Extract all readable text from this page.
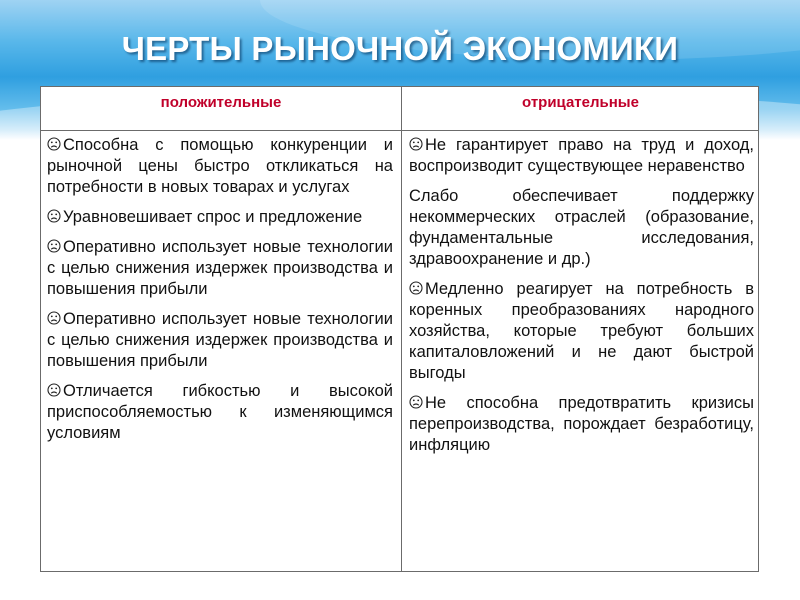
ЧЕРТЫ РЫНОЧНОЙ ЭКОНОМИКИ
положительные	отрицательные
Способна с помощью конкуренции и рыночной цены быстро откликаться на потребности в новых товарах и услугах
Уравновешивает спрос и предложение
Оперативно использует новые технологии с целью снижения издержек производства и повышения прибыли
Оперативно использует новые технологии с целью снижения издержек производства и повышения прибыли
Отличается гибкостью и высокой приспособляемостью к изменяющимся условиям
Не гарантирует право на труд и доход, воспроизводит существующее неравенство
Слабо обеспечивает поддержку некоммерческих отраслей (образование, фундаментальные исследования, здравоохранение и др.)
Медленно реагирует на потребность в коренных преобразованиях народного хозяйства, которые требуют больших капиталовложений и не дают быстрой выгоды
Не способна предотвратить кризисы перепроизводства, порождает безработицу, инфляцию
